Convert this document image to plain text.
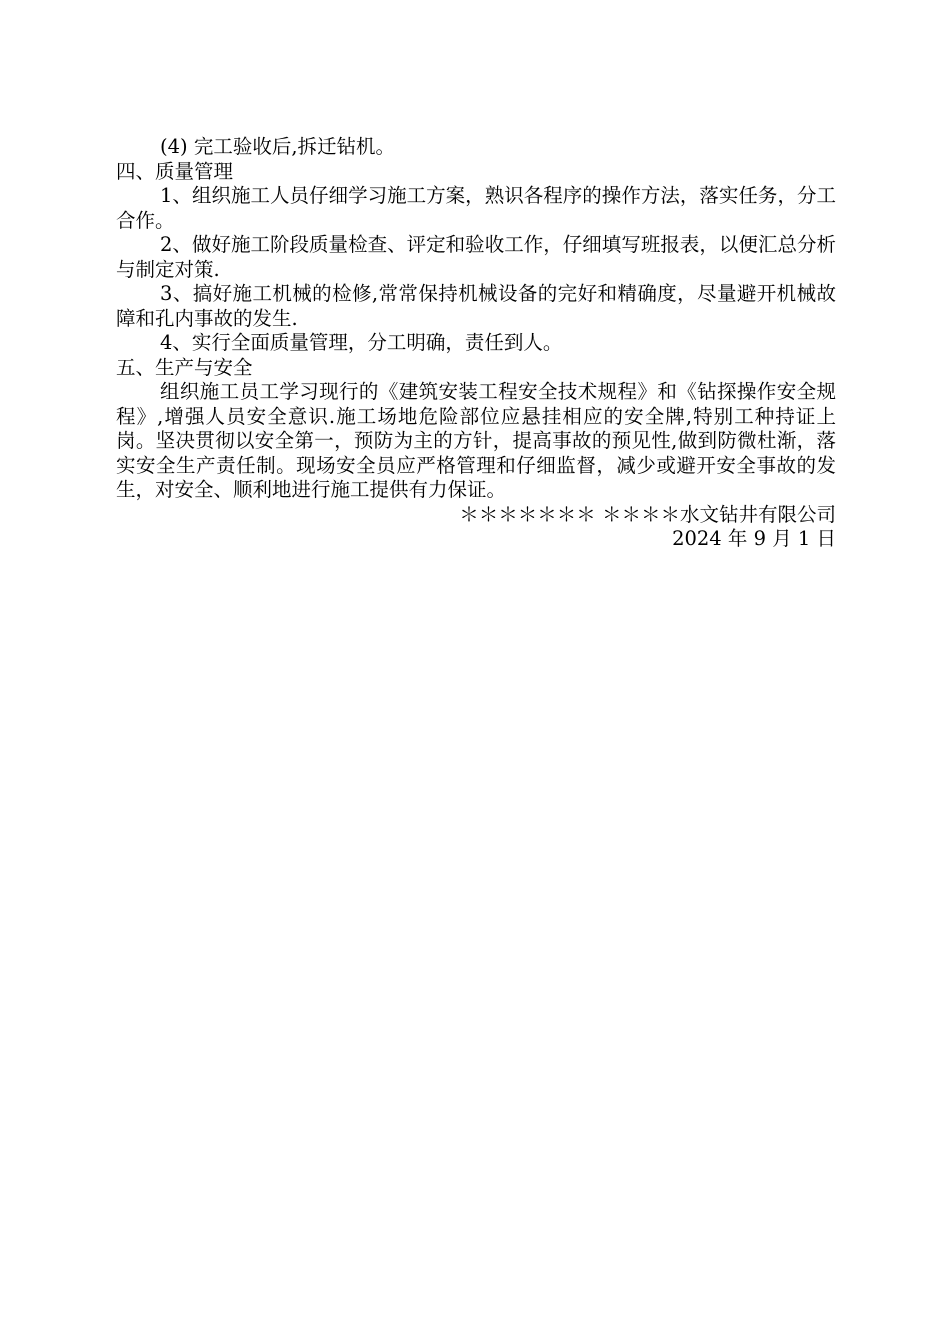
(4) 完工验收后,拆迁钻机。

四、质量管理

1、组织施工人员仔细学习施工方案，熟识各程序的操作方法，落实任务，分工合作。

2、做好施工阶段质量检查、评定和验收工作，仔细填写班报表，以便汇总分析与制定对策.

3、搞好施工机械的检修,常常保持机械设备的完好和精确度，尽量避开机械故障和孔内事故的发生.

4、实行全面质量管理，分工明确，责任到人。

五、生产与安全

组织施工员工学习现行的《建筑安装工程安全技术规程》和《钻探操作安全规程》,增强人员安全意识.施工场地危险部位应悬挂相应的安全牌,特别工种持证上岗。坚决贯彻以安全第一，预防为主的方针，提高事故的预见性,做到防微杜渐，落实安全生产责任制。现场安全员应严格管理和仔细监督，减少或避开安全事故的发生，对安全、顺利地进行施工提供有力保证。

＊＊＊＊＊＊＊ ＊＊＊＊水文钻井有限公司

2024 年 9 月 1 日
